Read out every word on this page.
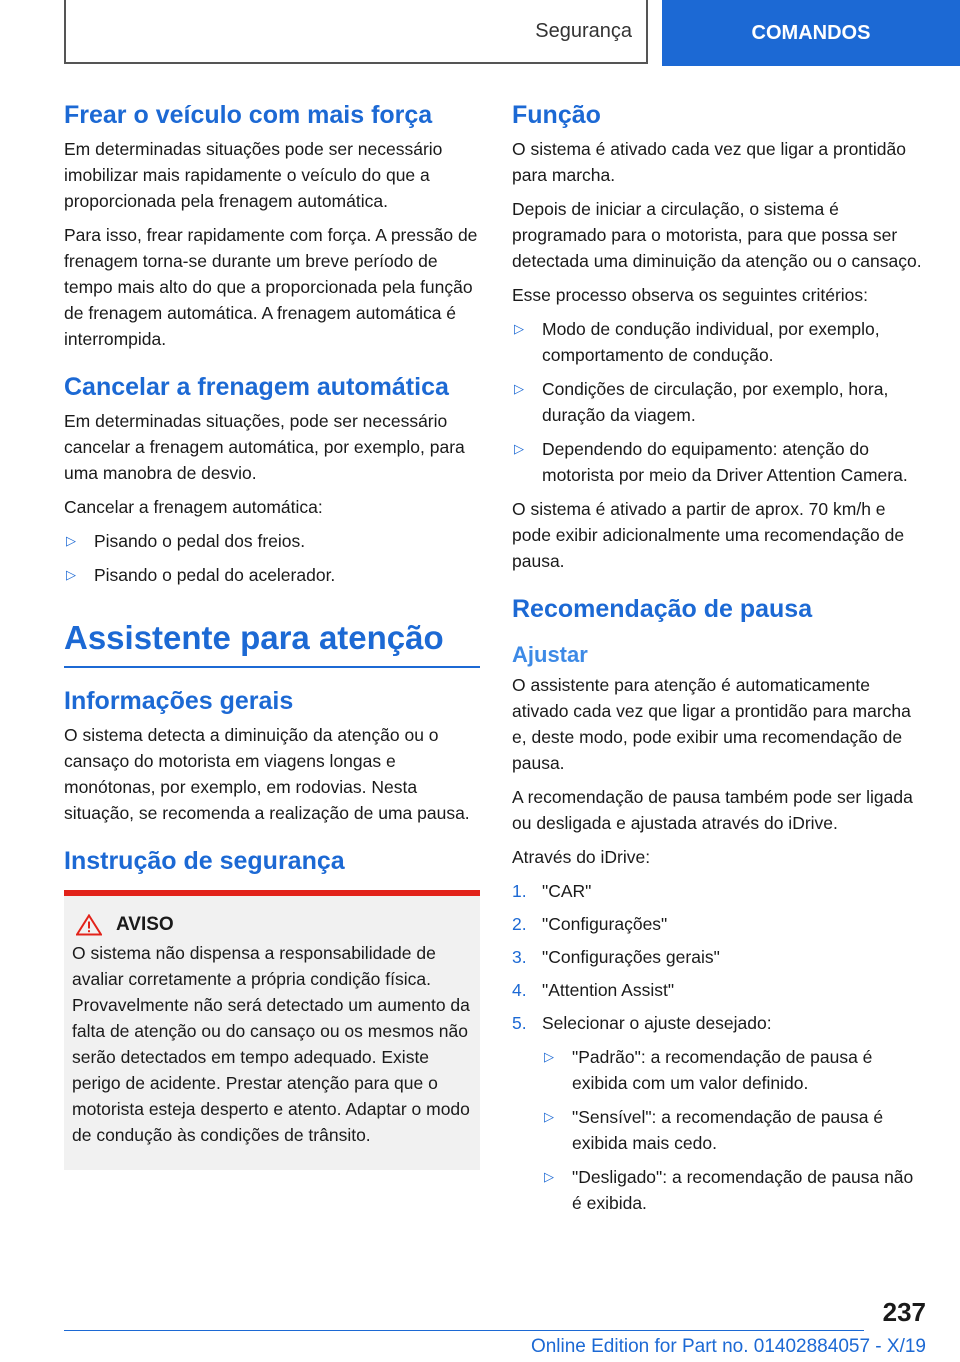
Segurança	COMANDOS
Frear o veículo com mais força

Em determinadas situações pode ser necessário imobilizar mais rapidamente o veículo do que a proporcionada pela frenagem automática.

Para isso, frear rapidamente com força. A pressão de frenagem torna-se durante um breve período de tempo mais alto do que a proporcionada pela função de frenagem automática. A frenagem automática é interrompida.

Cancelar a frenagem automática

Em determinadas situações, pode ser necessário cancelar a frenagem automática, por exemplo, para uma manobra de desvio.

Cancelar a frenagem automática:

▷ Pisando o pedal dos freios.
▷ Pisando o pedal do acelerador.
Assistente para atenção
Informações gerais

O sistema detecta a diminuição da atenção ou o cansaço do motorista em viagens longas e monótonas, por exemplo, em rodovias. Nesta situação, se recomenda a realização de uma pausa.

Instrução de segurança
AVISO

O sistema não dispensa a responsabilidade de avaliar corretamente a própria condição física. Provavelmente não será detectado um aumento da falta de atenção ou do cansaço ou os mesmos não serão detectados em tempo adequado. Existe perigo de acidente. Prestar atenção para que o motorista esteja desperto e atento. Adaptar o modo de condução às condições de trânsito.

Função

O sistema é ativado cada vez que ligar a prontidão para marcha.

Depois de iniciar a circulação, o sistema é programado para o motorista, para que possa ser detectada uma diminuição da atenção ou o cansaço.

Esse processo observa os seguintes critérios:

▷ Modo de condução individual, por exemplo, comportamento de condução.
▷ Condições de circulação, por exemplo, hora, duração da viagem.
▷ Dependendo do equipamento: atenção do motorista por meio da Driver Attention Camera.

O sistema é ativado a partir de aprox. 70 km/h e pode exibir adicionalmente uma recomendação de pausa.

Recomendação de pausa
Ajustar

O assistente para atenção é automaticamente ativado cada vez que ligar a prontidão para marcha e, deste modo, pode exibir uma recomendação de pausa.

A recomendação de pausa também pode ser ligada ou desligada e ajustada através do iDrive.

Através do iDrive:

1. "CAR"
2. "Configurações"
3. "Configurações gerais"
4. "Attention Assist"
5. Selecionar o ajuste desejado:
▷ "Padrão": a recomendação de pausa é exibida com um valor definido.
▷ "Sensível": a recomendação de pausa é exibida mais cedo.
▷ "Desligado": a recomendação de pausa não é exibida.
237
Online Edition for Part no. 01402884057 - X/19
